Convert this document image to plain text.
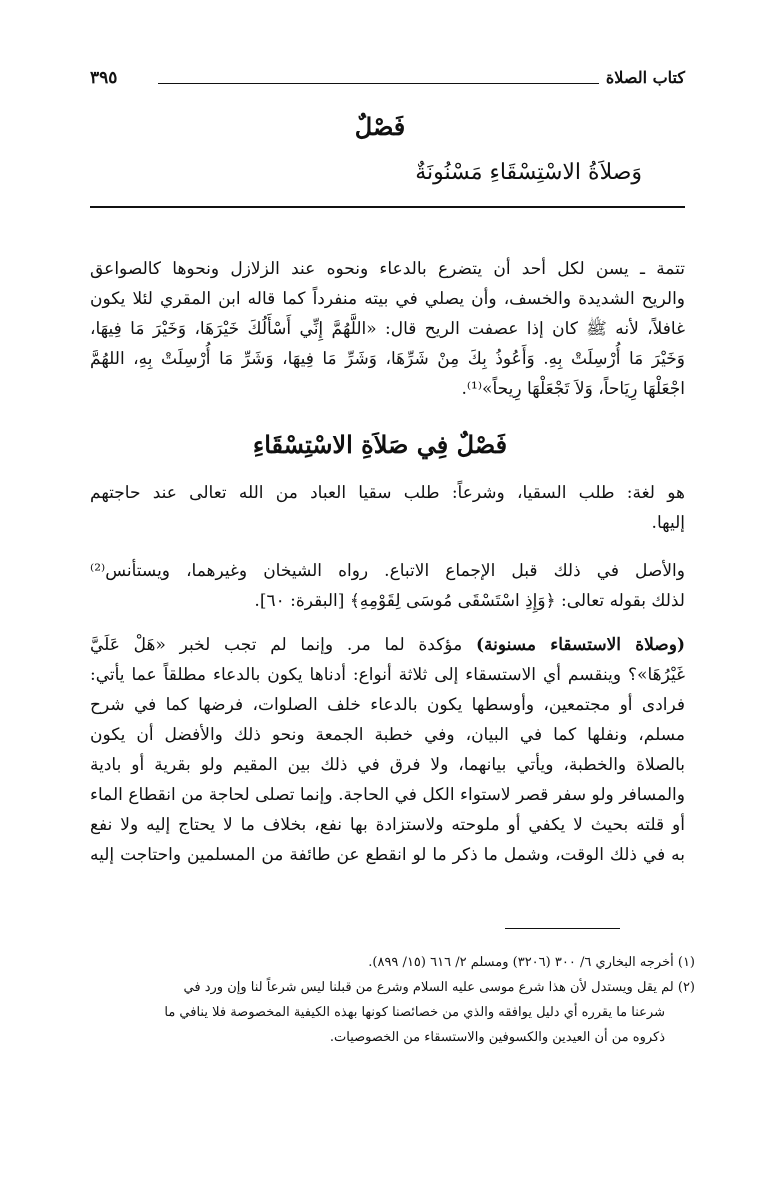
كتاب الصلاة
٣٩٥
فَصْلٌ
وَصلاَةُ الاسْتِسْقَاءِ مَسْنُونَةٌ
تتمة ـ يسن لكل أحد أن يتضرع بالدعاء ونحوه عند الزلازل ونحوها كالصواعق
والريح الشديدة والخسف، وأن يصلي في بيته منفرداً كما قاله ابن المقري لئلا يكون
غافلاً، لأنه ﷺ كان إذا عصفت الريح قال: «اللَّهُمَّ إِنِّي أَسْأَلُكَ خَيْرَهَا، وَخَيْرَ مَا فِيهَا،
وَخَيْرَ مَا أُرْسِلَتْ بِهِ. وَأَعُوذُ بِكَ مِنْ شَرِّهَا، وَشَرِّ مَا فِيهَا، وَشَرِّ مَا أُرْسِلَتْ بِهِ، اللهُمَّ
اجْعَلْهَا رِيَاحاً، وَلاَ تَجْعَلْهَا رِيحاً»⁽¹⁾.
فَصْلٌ فِي صَلاَةِ الاسْتِسْقَاءِ
هو لغة: طلب السقيا، وشرعاً: طلب سقيا العباد من الله تعالى عند حاجتهم
إليها.
والأصل في ذلك قبل الإجماع الاتباع. رواه الشيخان وغيرهما، ويستأنس⁽²⁾
لذلك بقوله تعالى: ﴿وَإِذِ اسْتَسْقَى مُوسَى لِقَوْمِهِ﴾ [البقرة: ٦٠].
(وصلاة الاستسقاء مسنونة) مؤكدة لما مر. وإنما لم تجب لخبر «هَلْ عَلَيَّ
غَيْرُهَا»؟ وينقسم أي الاستسقاء إلى ثلاثة أنواع: أدناها يكون بالدعاء مطلقاً عما يأتي:
فرادى أو مجتمعين، وأوسطها يكون بالدعاء خلف الصلوات، فرضها كما في شرح
مسلم، ونفلها كما في البيان، وفي خطبة الجمعة ونحو ذلك والأفضل أن يكون
بالصلاة والخطبة، ويأتي بيانهما، ولا فرق في ذلك بين المقيم ولو بقرية أو بادية
والمسافر ولو سفر قصر لاستواء الكل في الحاجة. وإنما تصلى لحاجة من انقطاع الماء
أو قلته بحيث لا يكفي أو ملوحته ولاستزادة بها نفع، بخلاف ما لا يحتاج إليه ولا نفع
به في ذلك الوقت، وشمل ما ذكر ما لو انقطع عن طائفة من المسلمين واحتاجت إليه
(١) أخرجه البخاري ٦/ ٣٠٠ (٣٢٠٦) ومسلم ٢/ ٦١٦ (١٥/ ٨٩٩).
(٢) لم يقل ويستدل لأن هذا شرع موسى عليه السلام وشرع من قبلنا ليس شرعاً لنا وإن ورد في
شرعنا ما يقرره أي دليل يوافقه والذي من خصائصنا كونها بهذه الكيفية المخصوصة فلا ينافي ما
ذكروه من أن العيدين والكسوفين والاستسقاء من الخصوصيات.
